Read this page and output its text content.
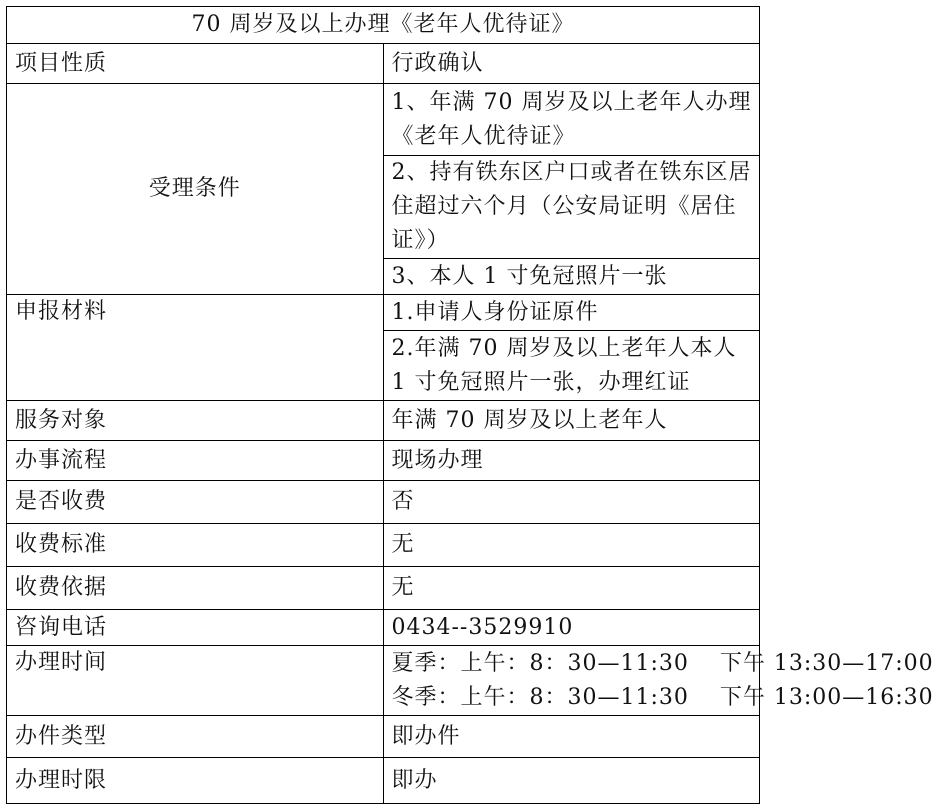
70 周岁及以上办理《老年人优待证》	
项目性质	行政确认
受理条件	1、年满 70 周岁及以上老年人办理《老年人优待证》
	2、持有铁东区户口或者在铁东区居住超过六个月（公安局证明《居住证》）
	3、本人 1 寸免冠照片一张
申报材料	1.申请人身份证原件
	2.年满 70 周岁及以上老年人本人 1 寸免冠照片一张，办理红证
服务对象	年满 70 周岁及以上老年人
办事流程	现场办理
是否收费	否
收费标准	无
收费依据	无
咨询电话	0434--3529910
办理时间	夏季：上午：8：30—11:30　 下午 13:30—17:00
冬季：上午：8：30—11:30　 下午 13:00—16:30

办件类型	即办件
办理时限	即办
